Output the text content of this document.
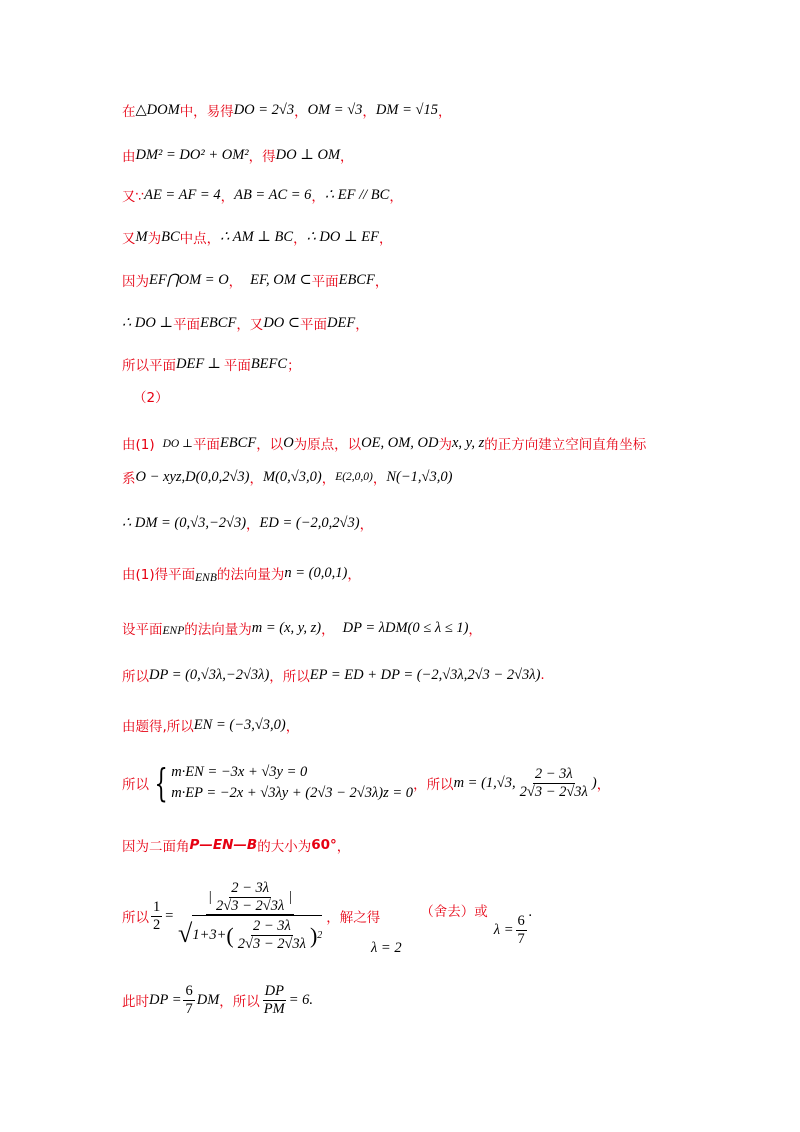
在 △DOM 中，易得 DO = 2√3 ， OM = √3 ， DM = √15 ，
由 DM² = DO² + OM² ，得 DO ⊥ OM ，
又∵ AE = AF = 4 ， AB = AC = 6 ， ∴ EF // BC ，
又 M 为 BC 中点， ∴ AM ⊥ BC ， ∴ DO ⊥ EF ，
因为 EF⋂OM = O ， EF, OM ⊂ 平面 EBCF ，
∴ DO ⊥ 平面 EBCF ，又 DO ⊂ 平面 DEF ，
所以平面 DEF ⊥ 平面 BEFC ；
（2）
由(1) DO ⊥ 平面 EBCF ，以 O 为原点，以 OE, OM, OD 为 x, y, z 的正方向建立空间直角坐标
系 O − xyz, D(0,0,2√3) ， M(0,√3,0) ， E(2,0,0) ， N(−1,√3,0)
∴ DM = (0,√3,−2√3) ， ED = (−2,0,2√3) ，
由(1)得平面 ENB 的法向量为 n = (0,0,1) ，
设平面 ENP 的法向量为 m = (x, y, z) ， DP = λDM(0 ≤ λ ≤ 1) ，
所以 DP = (0,√3λ,−2√3λ) ， 所以 EP = ED + DP = (−2,√3λ,2√3 − 2√3λ) .
由题得,所以 EN = (−3,√3,0) ，
所以 { m·EN = −3x + √3y = 0
m·EP = −2x + √3λy + (2√3 − 2√3λ)z = 0 ， 所以 m = (1,√3, $\frac{2 - 3\lambda}{2√3 - 2√3\lambda}$ ) ，
因为二面角 P—EN—B 的大小为 60° ，
所以 $\frac{1}{2}$ =
| $\frac{2 - 3\lambda}{2√3 - 2√3\lambda}$ |
√ 1+3+ ( $\frac{2 - 3\lambda}{2√3 - 2√3\lambda}$ ) 2
，解之得	（舍去）或
$\lambda = \frac{6}{7}$
.
λ = 2
此时 DP = $\frac{6}{7}$ DM ， 所以 $\frac{DP}{PM} = 6$ .
